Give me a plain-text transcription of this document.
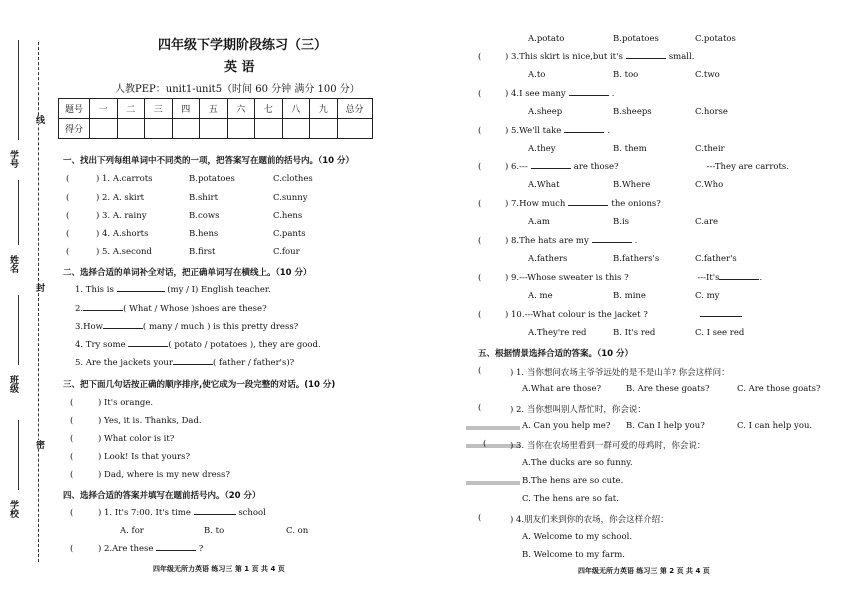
学号
姓名
班级
学校
线
封
密
四年级下学期阶段练习（三）
英 语
人教PEP：unit1-unit5（时间 60 分钟 满分 100 分）
题号	一	二	三	四	五	六	七	八	九	总分
得分										
一、找出下列每组单词中不同类的一项，把答案写在题前的括号内。（10 分）
(	) 1. A.carrots	B.potatoes	C.clothes
(	) 2. A. skirt	B.shirt	C.sunny
(	) 3. A. rainy	B.cows	C.hens
(	) 4. A.shorts	B.hens	C.pants
(	) 5. A.second	B.first	C.four
二、选择合适的单词补全对话，把正确单词写在横线上。（10 分）
1. This is	(my / I) English teacher.
2.	( What / Whose )shoes are these?
3.How	( many / much ) is this pretty dress?
4. Try some	( potato / potatoes ), they are good.
5. Are the jackets your	( father / father's)?
三、把下面几句话按正确的顺序排序,使它成为一段完整的对话。(10 分)
(	) It's orange.
(	) Yes, it is. Thanks, Dad.
(	) What color is it?
(	) Look! Is that yours?
(	) Dad, where is my new dress?
四、选择合适的答案并填写在题前括号内。（20 分）
(	) 1. It's 7:00. It's time	school
A. for	B. to	C. on
(	) 2.Are these	?
四年级无所力英语 练习三 第 1 页 共 4 页
A.potato	B.potatoes	C.potatos
(	) 3.This skirt is nice,but it's	small.
A.to	B. too	C.two
(	) 4.I see many	.
A.sheep	B.sheeps	C.horse
(	) 5.We'll take	.
A.they	B. them	C.their
(	) 6.---	are those?	---They are carrots.
A.What	B.Where	C.Who
(	) 7.How much	the onions?
A.am	B.is	C.are
(	) 8.The hats are my	.
A.fathers	B.fathers's	C.father's
(	) 9.---Whose sweater is this ?	---It's	.
A. me	B. mine	C. my
(	) 10.---What colour is the jacket ?
A.They're red	B. It's red	C. I see red
五、根据情景选择合适的答案。（10 分）
(	) 1. 当你想问农场主爷爷远处的是不是山羊? 你会这样问：
A.What are those?	B. Are these goats?	C. Are those goats?
(	) 2. 当你想叫别人帮忙时，你会说：
A. Can you help me? B. Can I help you?	C. I can help you.
(	) 3. 当你在农场里看到一群可爱的母鸡时，你会说：
A.The ducks are so funny.
B.The hens are so cute.
C. The hens are so fat.
(	) 4.朋友们来到你的农场，你会这样介绍：
A. Welcome to my school.
B. Welcome to my farm.
四年级无所力英语 练习三 第 2 页 共 4 页
